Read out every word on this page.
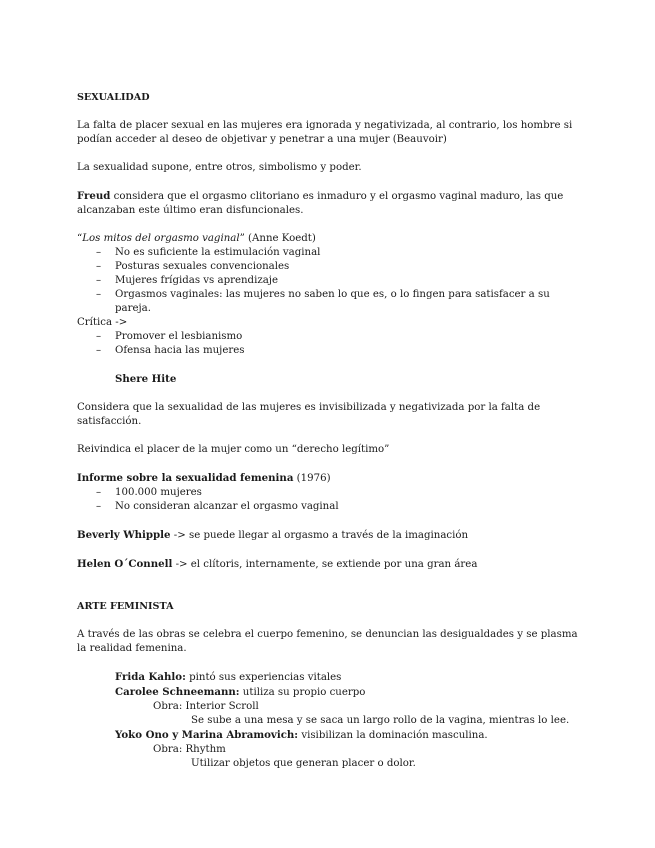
SEXUALIDAD

La falta de placer sexual en las mujeres era ignorada y negativizada, al contrario, los hombre si podían acceder al deseo de objetivar y penetrar a una mujer (Beauvoir)

La sexualidad supone, entre otros, simbolismo y poder.

Freud considera que el orgasmo clitoriano es inmaduro y el orgasmo vaginal maduro, las que alcanzaban este último eran disfuncionales.

“Los mitos del orgasmo vaginal” (Anne Koedt)

– No es suficiente la estimulación vaginal
– Posturas sexuales convencionales
– Mujeres frígidas vs aprendizaje
– Orgasmos vaginales: las mujeres no saben lo que es, o lo fingen para satisfacer a su pareja.

Crítica ->

– Promover el lesbianismo
– Ofensa hacia las mujeres

Shere Hite

Considera que la sexualidad de las mujeres es invisibilizada y negativizada por la falta de satisfacción.

Reivindica el placer de la mujer como un “derecho legítimo”

Informe sobre la sexualidad femenina (1976)

– 100.000 mujeres
– No consideran alcanzar el orgasmo vaginal

Beverly Whipple -> se puede llegar al orgasmo a través de la imaginación

Helen O´Connell -> el clítoris, internamente, se extiende por una gran área

ARTE FEMINISTA

A través de las obras se celebra el cuerpo femenino, se denuncian las desigualdades y se plasma la realidad femenina.

Frida Kahlo: pintó sus experiencias vitales

Carolee Schneemann: utiliza su propio cuerpo

Obra: Interior Scroll

Se sube a una mesa y se saca un largo rollo de la vagina, mientras lo lee.

Yoko Ono y Marina Abramovich: visibilizan la dominación masculina.

Obra: Rhythm

Utilizar objetos que generan placer o dolor.
